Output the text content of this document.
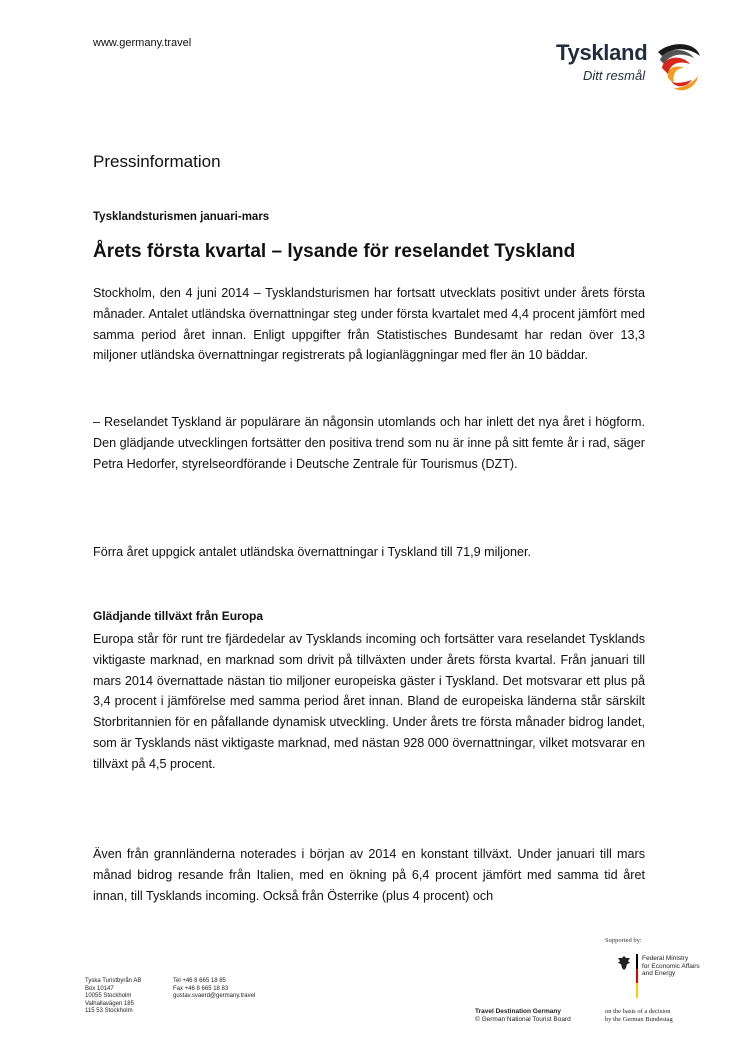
www.germany.travel	Tyskland
Ditt resmål
Pressinformation
Tysklandsturismen januari-mars
Årets första kvartal – lysande för reselandet Tyskland

Stockholm, den 4 juni 2014 – Tysklandsturismen har fortsatt utvecklats positivt under årets första månader. Antalet utländska övernattningar steg under första kvartalet med 4,4 procent jämfört med samma period året innan. Enligt uppgifter från Statistisches Bundesamt har redan över 13,3 miljoner utländska övernattningar registrerats på logianläggningar med fler än 10 bäddar.

– Reselandet Tyskland är populärare än någonsin utomlands och har inlett det nya året i högform. Den glädjande utvecklingen fortsätter den positiva trend som nu är inne på sitt femte år i rad, säger Petra Hedorfer, styrelseordförande i Deutsche Zentrale für Tourismus (DZT).

Förra året uppgick antalet utländska övernattningar i Tyskland till 71,9 miljoner.

Glädjande tillväxt från Europa

Europa står för runt tre fjärdedelar av Tysklands incoming och fortsätter vara reselandet Tysklands viktigaste marknad, en marknad som drivit på tillväxten under årets första kvartal. Från januari till mars 2014 övernattade nästan tio miljoner europeiska gäster i Tyskland. Det motsvarar ett plus på 3,4 procent i jämförelse med samma period året innan. Bland de europeiska länderna står särskilt Storbritannien för en påfallande dynamisk utveckling. Under årets tre första månader bidrog landet, som är Tysklands näst viktigaste marknad, med nästan 928 000 övernattningar, vilket motsvarar en tillväxt på 4,5 procent.

Även från grannländerna noterades i början av 2014 en konstant tillväxt. Under januari till mars månad bidrog resande från Italien, med en ökning på 6,4 procent jämfört med samma tid året innan, till Tysklands incoming. Också från Österrike (plus 4 procent) och

Supported by:
Federal Ministry
for Economic Affairs
and Energy
on the basis of a decision
by the German Bundestag
Travel Destination Germany
© German National Tourist Board
Tyska Turistbyrån AB
Box 10147
10055 Stockholm
Valhallavägen 185
115 53 Stockholm
Tel +46 8 665 18 85
Fax +46 8 665 18 83
gustav.svaerd@germany.travel
